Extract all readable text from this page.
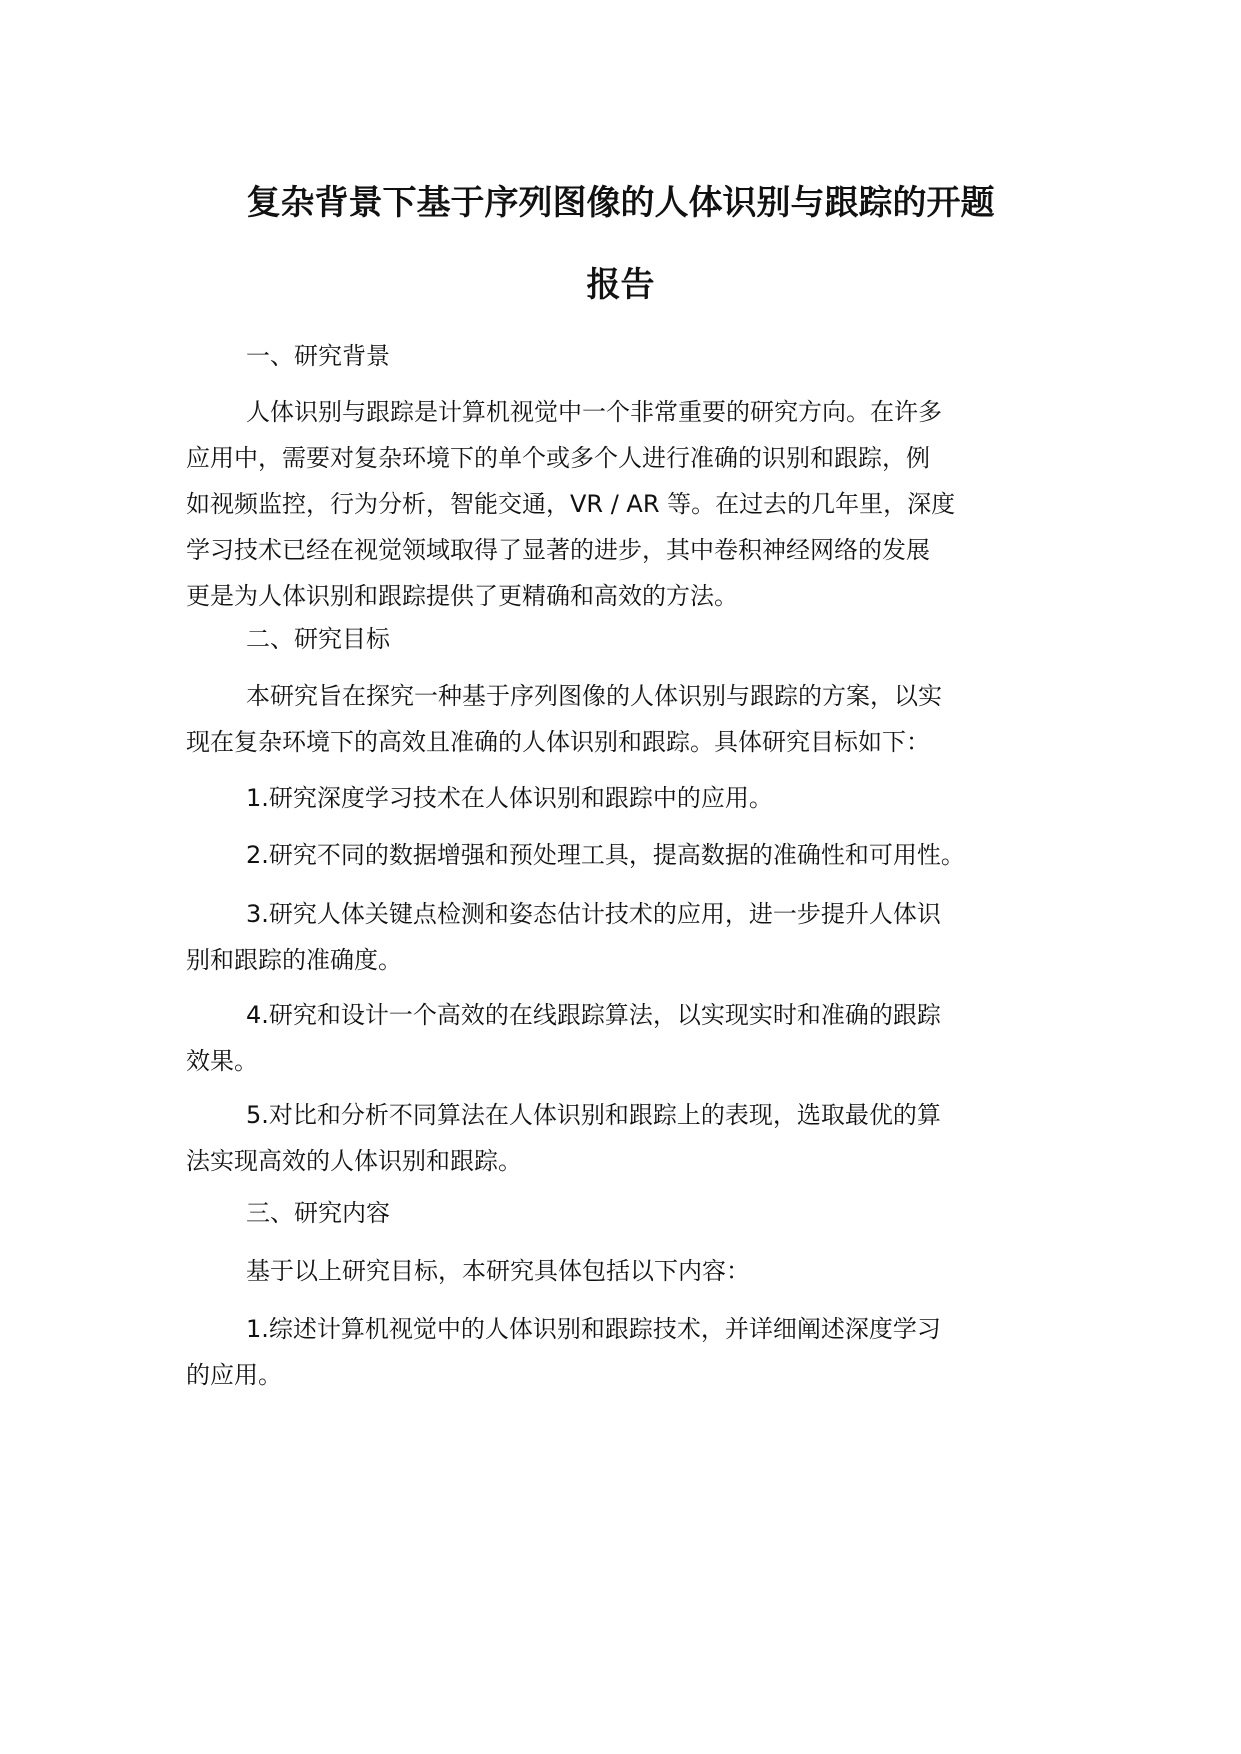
复杂背景下基于序列图像的人体识别与跟踪的开题
报告
一、研究背景
人体识别与跟踪是计算机视觉中一个非常重要的研究方向。在许多
应用中，需要对复杂环境下的单个或多个人进行准确的识别和跟踪，例
如视频监控，行为分析，智能交通，VR / AR 等。在过去的几年里，深度
学习技术已经在视觉领域取得了显著的进步，其中卷积神经网络的发展
更是为人体识别和跟踪提供了更精确和高效的方法。
二、研究目标
本研究旨在探究一种基于序列图像的人体识别与跟踪的方案，以实
现在复杂环境下的高效且准确的人体识别和跟踪。具体研究目标如下：
1.研究深度学习技术在人体识别和跟踪中的应用。
2.研究不同的数据增强和预处理工具，提高数据的准确性和可用性。
3.研究人体关键点检测和姿态估计技术的应用，进一步提升人体识
别和跟踪的准确度。
4.研究和设计一个高效的在线跟踪算法，以实现实时和准确的跟踪
效果。
5.对比和分析不同算法在人体识别和跟踪上的表现，选取最优的算
法实现高效的人体识别和跟踪。
三、研究内容
基于以上研究目标，本研究具体包括以下内容：
1.综述计算机视觉中的人体识别和跟踪技术，并详细阐述深度学习
的应用。
